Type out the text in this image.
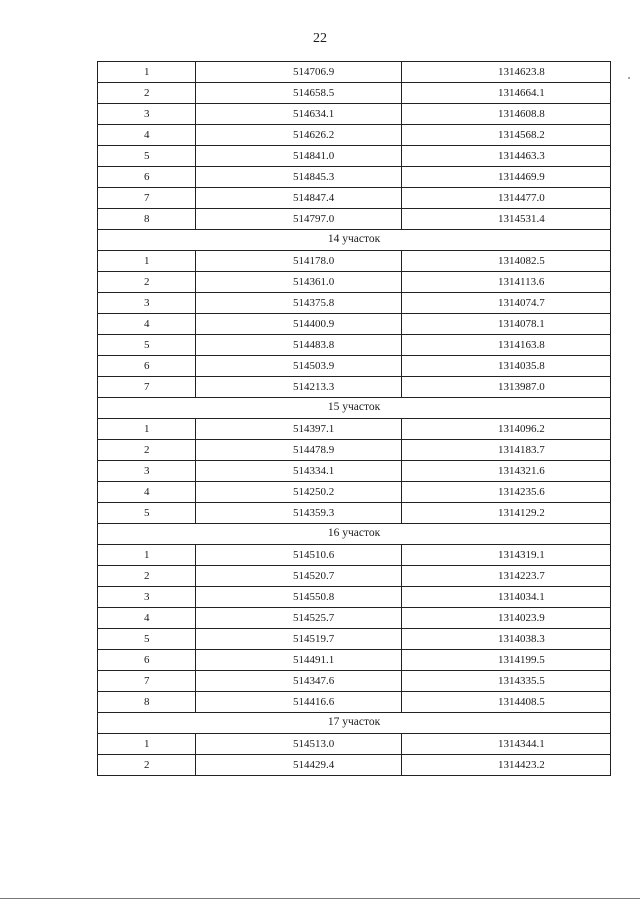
22
1	514706.9	1314623.8
2	514658.5	1314664.1
3	514634.1	1314608.8
4	514626.2	1314568.2
5	514841.0	1314463.3
6	514845.3	1314469.9
7	514847.4	1314477.0
8	514797.0	1314531.4
14 участок		
1	514178.0	1314082.5
2	514361.0	1314113.6
3	514375.8	1314074.7
4	514400.9	1314078.1
5	514483.8	1314163.8
6	514503.9	1314035.8
7	514213.3	1313987.0
15 участок		
1	514397.1	1314096.2
2	514478.9	1314183.7
3	514334.1	1314321.6
4	514250.2	1314235.6
5	514359.3	1314129.2
16 участок		
1	514510.6	1314319.1
2	514520.7	1314223.7
3	514550.8	1314034.1
4	514525.7	1314023.9
5	514519.7	1314038.3
6	514491.1	1314199.5
7	514347.6	1314335.5
8	514416.6	1314408.5
17 участок		
1	514513.0	1314344.1
2	514429.4	1314423.2
